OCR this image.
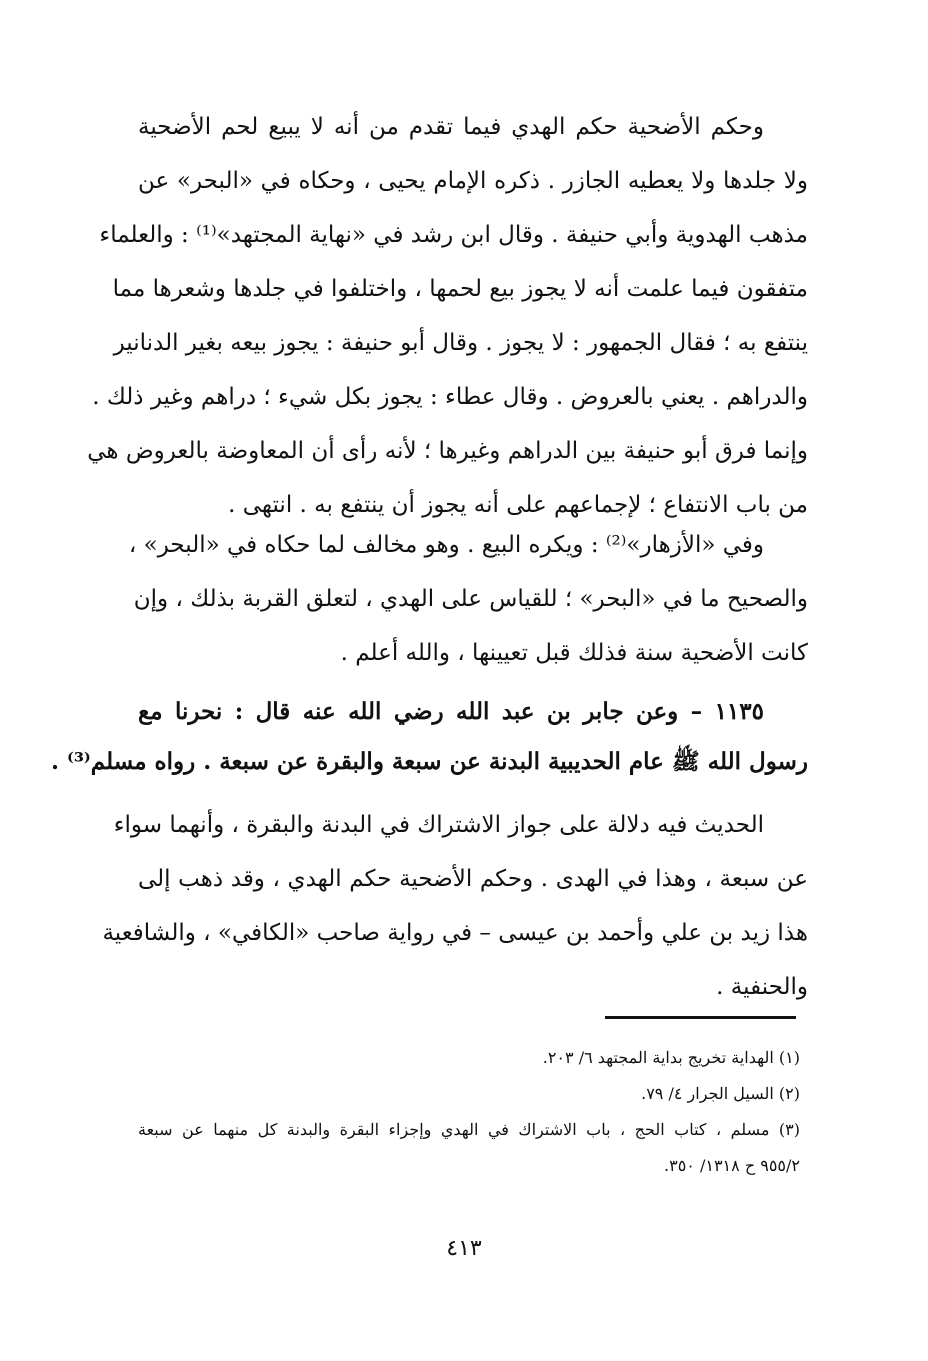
وحكم الأضحية حكم الهدي فيما تقدم من أنه لا يبيع لحم الأضحية
ولا جلدها ولا يعطيه الجازر . ذكره الإمام يحيى ، وحكاه في «البحر» عن
مذهب الهدوية وأبي حنيفة . وقال ابن رشد في «نهاية المجتهد»⁽¹⁾ : والعلماء
متفقون فيما علمت أنه لا يجوز بيع لحمها ، واختلفوا في جلدها وشعرها مما
ينتفع به ؛ فقال الجمهور : لا يجوز . وقال أبو حنيفة : يجوز بيعه بغير الدنانير
والدراهم . يعني بالعروض . وقال عطاء : يجوز بكل شيء ؛ دراهم وغير ذلك .
وإنما فرق أبو حنيفة بين الدراهم وغيرها ؛ لأنه رأى أن المعاوضة بالعروض هي
من باب الانتفاع ؛ لإجماعهم على أنه يجوز أن ينتفع به . انتهى .
وفي «الأزهار»⁽²⁾ : ويكره البيع . وهو مخالف لما حكاه في «البحر» ،
والصحيح ما في «البحر» ؛ للقياس على الهدي ، لتعلق القربة بذلك ، وإن
كانت الأضحية سنة فذلك قبل تعيينها ، والله أعلم .
١١٣٥ – وعن جابر بن عبد الله رضي الله عنه قال : نحرنا مع
رسول الله ﷺ عام الحديبية البدنة عن سبعة والبقرة عن سبعة . رواه مسلم⁽³⁾ .
الحديث فيه دلالة على جواز الاشتراك في البدنة والبقرة ، وأنهما سواء
عن سبعة ، وهذا في الهدى . وحكم الأضحية حكم الهدي ، وقد ذهب إلى
هذا زيد بن علي وأحمد بن عيسى – في رواية صاحب «الكافي» ، والشافعية
والحنفية .
(١) الهداية تخريج بداية المجتهد ٦/ ٢٠٣.
(٢) السيل الجرار ٤/ ٧٩.
(٣) مسلم ، كتاب الحج ، باب الاشتراك في الهدي وإجزاء البقرة والبدنة كل منهما عن سبعة
٩٥٥/٢ ح ١٣١٨/ ٣٥٠.
٤١٣
